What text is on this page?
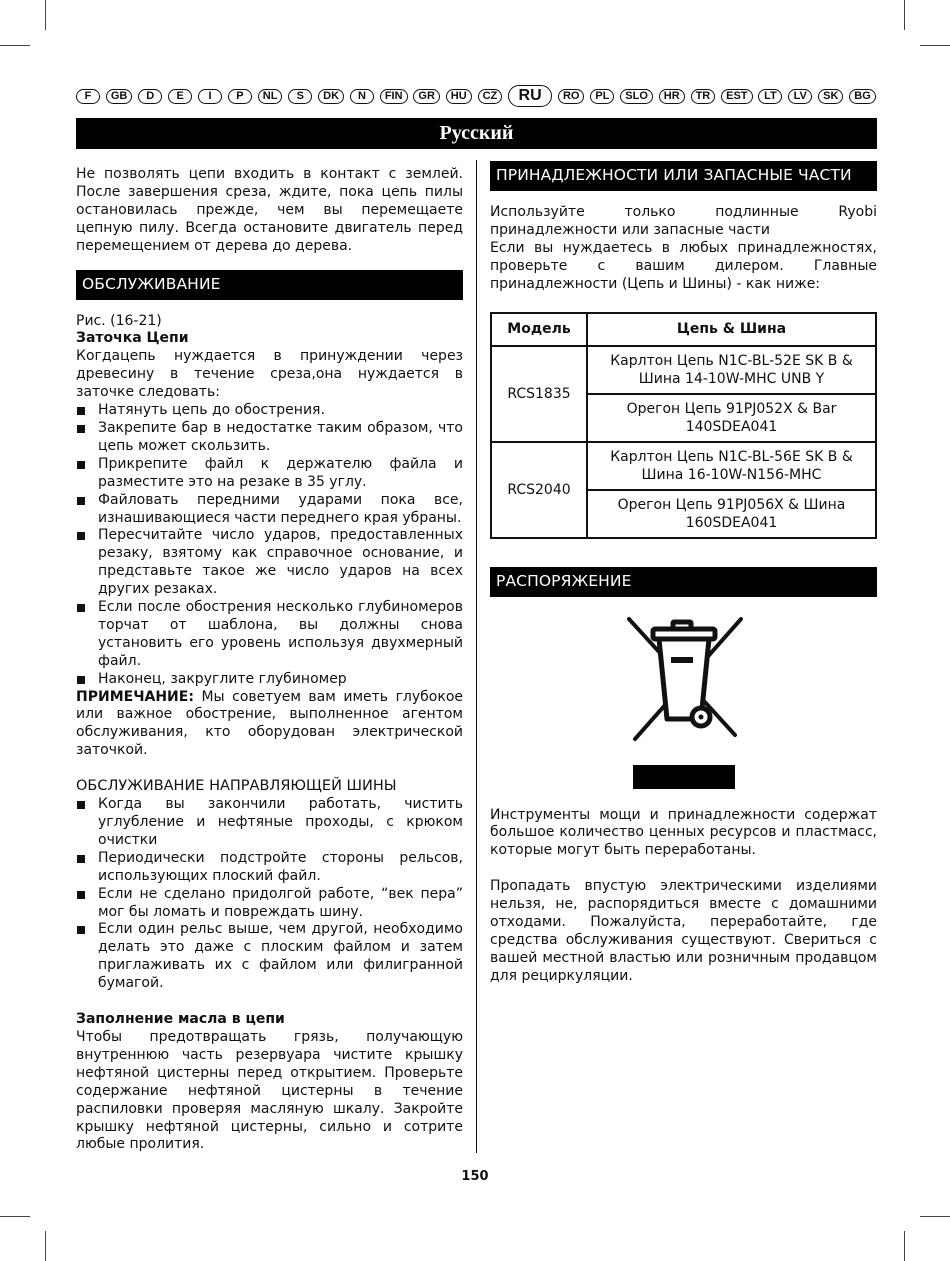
F	GB	D	E	I	P	NL	S	DK	N	FIN	GR	HU	CZ	RU	RO	PL	SLO	HR	TR	EST	LT	LV	SK	BG
Русский

Не позволять цепи входить в контакт с землей. После завершения среза, ждите, пока цепь пилы остановилась прежде, чем вы перемещаете цепную пилу. Всегда остановите двигатель перед перемещением от дерева до дерева.

ОБСЛУЖИВАНИЕ
Рис. (16-21)
Заточка Цепи

Когдацепь нуждается в принуждении через древесину в течение среза,она нуждается в заточке следовать:

Натянуть цепь до обострения.
Закрепите бар в недостатке таким образом, что цепь может скользить.
Прикрепите файл к держателю файла и разместите это на резаке в 35 углу.
Файловать передними ударами пока все, изнашивающиеся части переднего края убраны.
Пересчитайте число ударов, предоставленных резаку, взятому как справочное основание, и представьте такое же число ударов на всех других резаках.
Если после обострения несколько глубиномеров торчат от шаблона, вы должны снова установить его уровень используя двухмерный файл.
Наконец, закруглите глубиномер

ПРИМЕЧАНИЕ: Мы советуем вам иметь глубокое или важное обострение, выполненное агентом обслуживания, кто оборудован электрической заточкой.

ОБСЛУЖИВАНИЕ НАПРАВЛЯЮЩЕЙ ШИНЫ
Когда вы закончили работать, чистить углубление и нефтяные проходы, с крюком очистки
Периодически подстройте стороны рельсов, использующих плоский файл.
Если не сделано придолгой работе, “век пера” мог бы ломать и повреждать шину.
Если один рельс выше, чем другой, необходимо делать это даже с плоским файлом и затем приглаживать их с файлом или филигранной бумагой.
Заполнение масла в цепи

Чтобы предотвращать грязь, получающую внутреннюю часть резервуара чистите крышку нефтяной цистерны перед открытием. Проверьте содержание нефтяной цистерны в течение распиловки проверяя масляную шкалу. Закройте крышку нефтяной цистерны, сильно и сотрите любые пролития.

ПРИНАДЛЕЖНОСТИ ИЛИ ЗАПАСНЫЕ ЧАСТИ

Используйте только подлинные Ryobi принадлежности или запасные части

Если вы нуждаетесь в любых принадлежностях, проверьте с вашим дилером. Главные принадлежности (Цепь и Шины) - как ниже:

Модель	Цепь & Шина
RCS1835	Карлтон Цепь N1C-BL-52E SK B & Шина 14-10W-MHC UNB Y
	Орегон Цепь 91PJ052X & Bar 140SDEA041
RCS2040	Карлтон Цепь N1C-BL-56E SK B & Шина 16-10W-N156-MHC
	Орегон Цепь 91PJ056X & Шина 160SDEA041
РАСПОРЯЖЕНИЕ

Инструменты мощи и принадлежности содержат большое количество ценных ресурсов и пластмасс, которые могут быть переработаны.

Пропадать впустую электрическими изделиями нельзя, не, распорядиться вместе с домашними отходами. Пожалуйста, переработайте, где средства обслуживания существуют. Свериться с вашей местной властью или розничным продавцом для рециркуляции.

150
